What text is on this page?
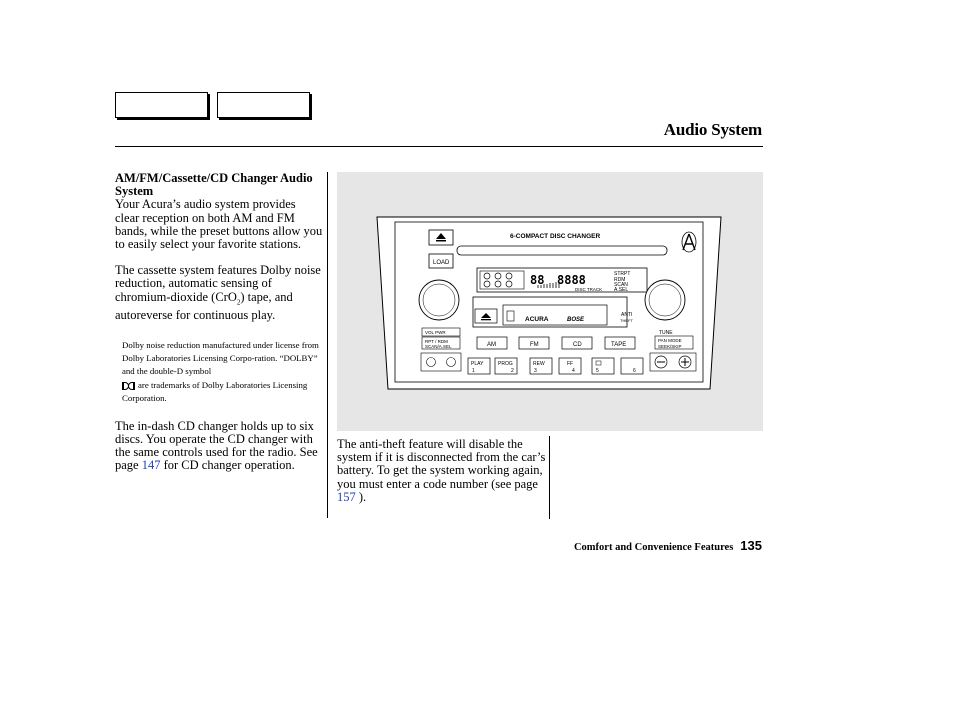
Audio System
AM/FM/Cassette/CD Changer Audio System

Your Acura’s audio system provides clear reception on both AM and FM bands, while the preset buttons allow you to easily select your favorite stations.

The cassette system features Dolby noise reduction, automatic sensing of chromium-dioxide (CrO$_2$) tape, and autoreverse for continuous play.

Dolby noise reduction manufactured under license from Dolby Laboratories Licensing Corpo-ration. “DOLBY” and the double-D symbol
are trademarks of Dolby Laboratories Licensing Corporation.

The in-dash CD changer holds up to six discs. You operate the CD changer with the same controls used for the radio. See page 147 for CD changer operation.

6-COMPACT DISC CHANGER
LOAD
88 8888	STRPT
RDM
SCAN
A.SEL
DISC TRACK
ACURA	BOSE
ANTI
THEFT
VOL PWR
RPT / RDM
SCAN/A.SEL
TUNE
PAN MODE
SEEK/SKIP
AM	FM	CD	TAPE
PLAY
1
PROG
2
REW
3
FF
4	5	6

The anti-theft feature will disable the system if it is disconnected from the car’s battery. To get the system working again, you must enter a code number (see page 157 ).

Comfort and Convenience Features 135
